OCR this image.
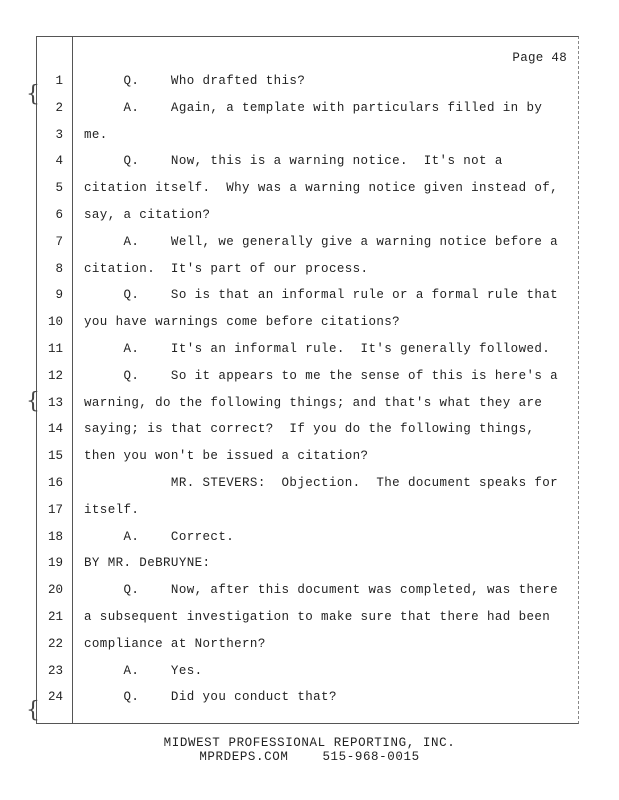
{
{
{
Page 48
1 Q.    Who drafted this?
2 A.    Again, a template with particulars filled in by
3 me.
4 Q.    Now, this is a warning notice.  It's not a
5 citation itself.  Why was a warning notice given instead of,
6 say, a citation?
7 A.    Well, we generally give a warning notice before a
8 citation.  It's part of our process.
9 Q.    So is that an informal rule or a formal rule that
10 you have warnings come before citations?
11 A.    It's an informal rule.  It's generally followed.
12 Q.    So it appears to me the sense of this is here's a
13 warning, do the following things; and that's what they are
14 saying; is that correct?  If you do the following things,
15 then you won't be issued a citation?
16 MR. STEVERS:  Objection.  The document speaks for
17 itself.
18 A.    Correct.
19 BY MR. DeBRUYNE:
20 Q.    Now, after this document was completed, was there
21 a subsequent investigation to make sure that there had been
22 compliance at Northern?
23 A.    Yes.
24 Q.    Did you conduct that?
MIDWEST PROFESSIONAL REPORTING, INC.
MPRDEPS.COM	515-968-0015
